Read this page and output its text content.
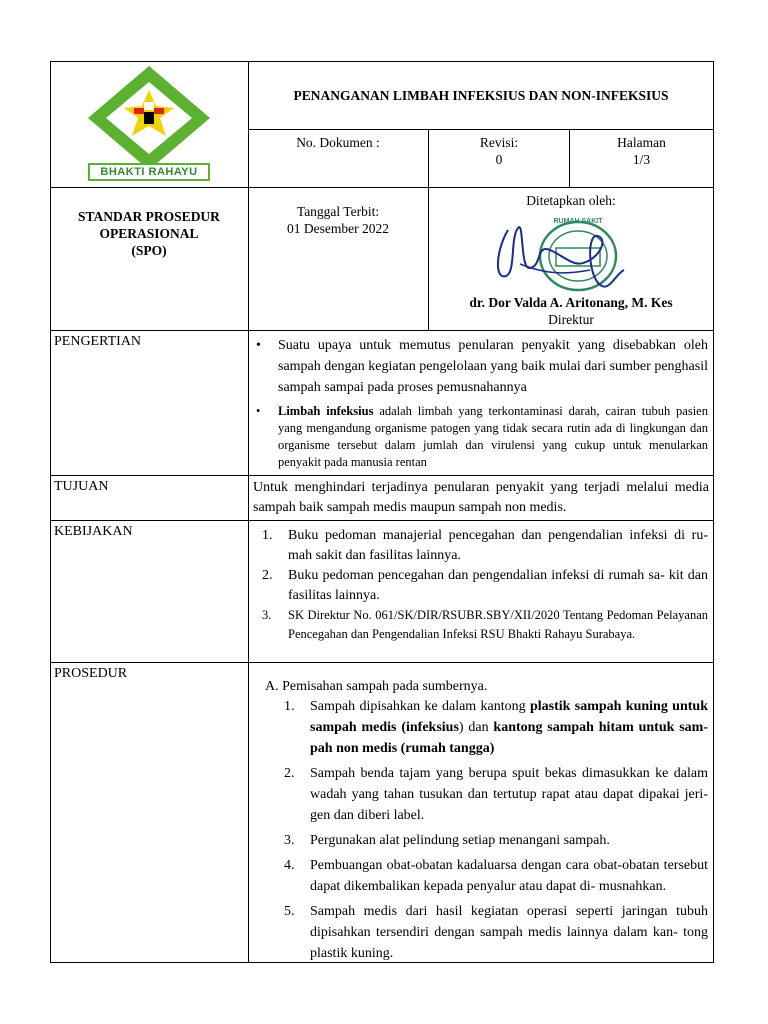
BHAKTI RAHAYU
PENANGANAN LIMBAH INFEKSIUS DAN NON-INFEKSIUS
No. Dokumen :	Revisi:
0
Halaman
1/3
STANDAR PROSEDUR
OPERASIONAL
(SPO)
Tanggal Terbit:
01 Desember 2022
Ditetapkan oleh:
RUMAH SAKIT
dr. Dor Valda A. Aritonang, M. Kes
Direktur
PENGERTIAN
•	Suatu upaya untuk memutus penularan penyakit yang disebabkan oleh sampah dengan kegiatan pengelolaan yang baik mulai dari sumber penghasil sampah sampai pada proses pemusnahannya
• Limbah infeksius adalah limbah yang terkontaminasi darah, cairan tubuh pasien yang mengandung organisme patogen yang tidak secara rutin ada di lingkungan dan organisme tersebut dalam jumlah dan virulensi yang cukup untuk menularkan penyakit pada manusia rentan
TUJUAN	Untuk menghindari terjadinya penularan penyakit yang terjadi melalui media sampah baik sampah medis maupun sampah non medis.
KEBIJAKAN	1. Buku pedoman manajerial pencegahan dan pengendalian infeksi di ru- mah sakit dan fasilitas lainnya.
2. Buku pedoman pencegahan dan pengendalian infeksi di rumah sa- kit dan fasilitas lainnya.
3. SK Direktur No. 061/SK/DIR/RSUBR.SBY/XII/2020 Tentang Pedoman Pelayanan Pencegahan dan Pengendalian Infeksi RSU Bhakti Rahayu Surabaya.
PROSEDUR
A. Pemisahan sampah pada sumbernya.
1. Sampah dipisahkan ke dalam kantong plastik sampah kuning untuk sampah medis (infeksius) dan kantong sampah hitam untuk sam- pah non medis (rumah tangga)
2. Sampah benda tajam yang berupa spuit bekas dimasukkan ke dalam wadah yang tahan tusukan dan tertutup rapat atau dapat dipakai jeri- gen dan diberi label.
3. Pergunakan alat pelindung setiap menangani sampah.
4. Pembuangan obat-obatan kadaluarsa dengan cara obat-obatan tersebut dapat dikembalikan kepada penyalur atau dapat di- musnahkan.
5. Sampah medis dari hasil kegiatan operasi seperti jaringan tubuh dipisahkan tersendiri dengan sampah medis lainnya dalam kan- tong plastik kuning.
